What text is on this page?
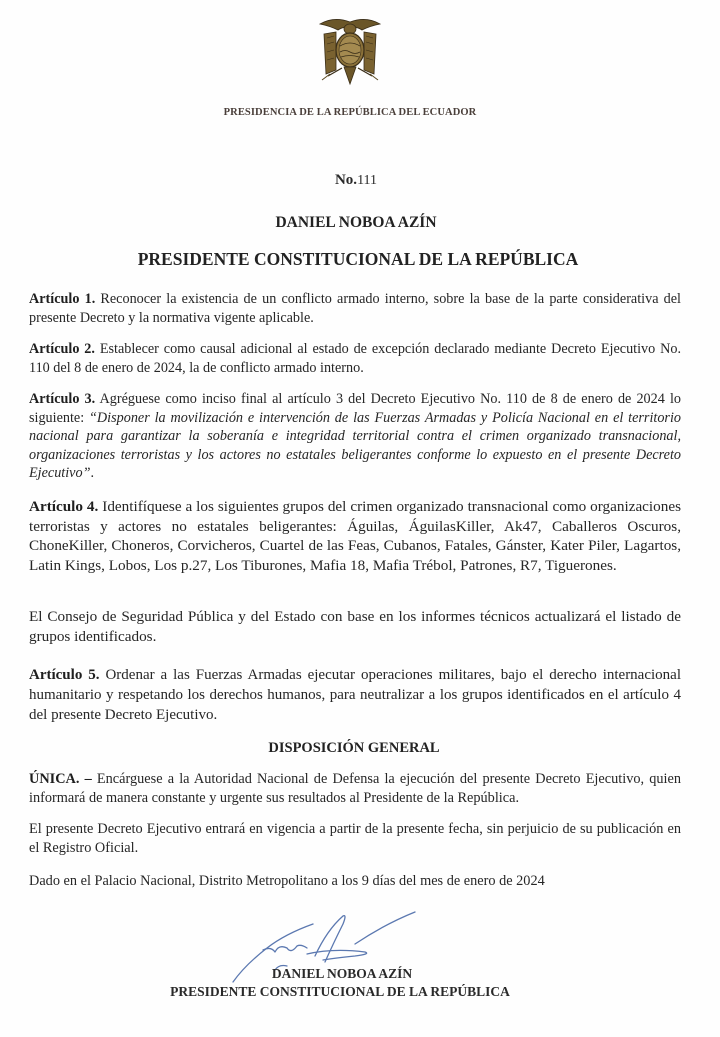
PRESIDENCIA DE LA REPÚBLICA DEL ECUADOR
No.111
DANIEL NOBOA AZÍN
PRESIDENTE CONSTITUCIONAL DE LA REPÚBLICA
Artículo 1. Reconocer la existencia de un conflicto armado interno, sobre la base de la parte considerativa del presente Decreto y la normativa vigente aplicable.
Artículo 2. Establecer como causal adicional al estado de excepción declarado mediante Decreto Ejecutivo No. 110 del 8 de enero de 2024, la de conflicto armado interno.
Artículo 3. Agréguese como inciso final al artículo 3 del Decreto Ejecutivo No. 110 de 8 de enero de 2024 lo siguiente: “Disponer la movilización e intervención de las Fuerzas Armadas y Policía Nacional en el territorio nacional para garantizar la soberanía e integridad territorial contra el crimen organizado transnacional, organizaciones terroristas y los actores no estatales beligerantes conforme lo expuesto en el presente Decreto Ejecutivo”.
Artículo 4. Identifíquese a los siguientes grupos del crimen organizado transnacional como organizaciones terroristas y actores no estatales beligerantes: Águilas, ÁguilasKiller, Ak47, Caballeros Oscuros, ChoneKiller, Choneros, Corvicheros, Cuartel de las Feas, Cubanos, Fatales, Gánster, Kater Piler, Lagartos, Latin Kings, Lobos, Los p.27, Los Tiburones, Mafia 18, Mafia Trébol, Patrones, R7, Tiguerones.
El Consejo de Seguridad Pública y del Estado con base en los informes técnicos actualizará el listado de grupos identificados.
Artículo 5. Ordenar a las Fuerzas Armadas ejecutar operaciones militares, bajo el derecho internacional humanitario y respetando los derechos humanos, para neutralizar a los grupos identificados en el artículo 4 del presente Decreto Ejecutivo.
DISPOSICIÓN GENERAL
ÚNICA. – Encárguese a la Autoridad Nacional de Defensa la ejecución del presente Decreto Ejecutivo, quien informará de manera constante y urgente sus resultados al Presidente de la República.
El presente Decreto Ejecutivo entrará en vigencia a partir de la presente fecha, sin perjuicio de su publicación en el Registro Oficial.
Dado en el Palacio Nacional, Distrito Metropolitano a los 9 días del mes de enero de 2024
DANIEL NOBOA AZÍN
PRESIDENTE CONSTITUCIONAL DE LA REPÚBLICA
